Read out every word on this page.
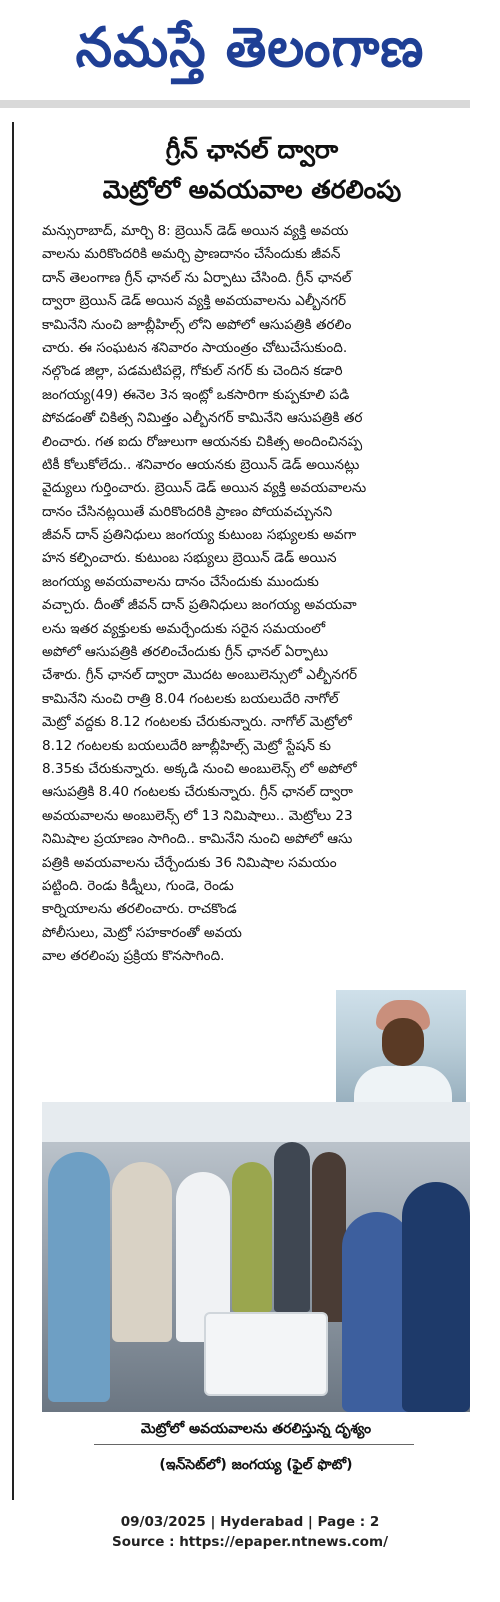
నమస్తే తెలంగాణ
గ్రీన్ ఛానల్ ద్వారా
మెట్రోలో అవయవాల తరలింపు
మన్సురాబాద్, మార్చి 8: బ్రెయిన్ డెడ్ అయిన వ్యక్తి అవయ
వాలను మరికొందరికి అమర్చి ప్రాణదానం చేసేందుకు జీవన్
దాన్ తెలంగాణ గ్రీన్ ఛానల్ ను ఏర్పాటు చేసింది. గ్రీన్ ఛానల్
ద్వారా బ్రెయిన్ డెడ్ అయిన వ్యక్తి అవయవాలను ఎల్బీనగర్
కామినేని నుంచి జూబ్లీహిల్స్ లోని అపోలో ఆసుపత్రికి తరలిం
చారు. ఈ సంఘటన శనివారం సాయంత్రం చోటుచేసుకుంది.
నల్గొండ జిల్లా, పడమటిపల్లె, గోకుల్ నగర్ కు చెందిన కడారి
జంగయ్య(49) ఈనెల 3న ఇంట్లో ఒకసారిగా కుప్పకూలి పడి
పోవడంతో చికిత్స నిమిత్తం ఎల్బీనగర్ కామినేని ఆసుపత్రికి తర
లించారు. గత ఐదు రోజులుగా ఆయనకు చికిత్స అందించినప్ప
టికీ కోలుకోలేదు.. శనివారం ఆయనకు బ్రెయిన్ డెడ్ అయినట్లు
వైద్యులు గుర్తించారు. బ్రెయిన్ డెడ్ అయిన వ్యక్తి అవయవాలను
దానం చేసినట్లయితే మరికొందరికి ప్రాణం పోయవచ్చునని
జీవన్ దాన్ ప్రతినిధులు జంగయ్య కుటుంబ సభ్యులకు అవగా
హన కల్పించారు. కుటుంబ సభ్యులు బ్రెయిన్ డెడ్ అయిన
జంగయ్య అవయవాలను దానం చేసేందుకు ముందుకు
వచ్చారు. దీంతో జీవన్ దాన్ ప్రతినిధులు జంగయ్య అవయవా
లను ఇతర వ్యక్తులకు అమర్చేందుకు సరైన సమయంలో
అపోలో ఆసుపత్రికి తరలించేందుకు గ్రీన్ ఛానల్ ఏర్పాటు
చేశారు. గ్రీన్ ఛానల్ ద్వారా మొదట అంబులెన్సులో ఎల్బీనగర్
కామినేని నుంచి రాత్రి 8.04 గంటలకు బయలుదేరి నాగోల్
మెట్రో వద్దకు 8.12 గంటలకు చేరుకున్నారు. నాగోల్ మెట్రోలో
8.12 గంటలకు బయలుదేరి జూబ్లీహిల్స్ మెట్రో స్టేషన్ కు
8.35కు చేరుకున్నారు. అక్కడి నుంచి అంబులెన్స్ లో అపోలో
ఆసుపత్రికి 8.40 గంటలకు చేరుకున్నారు. గ్రీన్ ఛానల్ ద్వారా
అవయవాలను అంబులెన్స్ లో 13 నిమిషాలు.. మెట్రోలు 23
నిమిషాల ప్రయాణం సాగింది.. కామినేని నుంచి అపోలో ఆసు
పత్రికి అవయవాలను చేర్చేందుకు 36 నిమిషాల సమయం
పట్టింది. రెండు కిడ్నీలు, గుండె, రెండు
కార్నియాలను తరలించారు. రాచకొండ
పోలీసులు, మెట్రో సహకారంతో అవయ
వాల తరలింపు ప్రక్రియ కొనసాగింది.
మెట్రోలో అవయవాలను తరలిస్తున్న దృశ్యం
(ఇన్‌సెట్‌లో) జంగయ్య (ఫైల్ ఫొటో)
09/03/2025 | Hyderabad | Page : 2
Source : https://epaper.ntnews.com/
